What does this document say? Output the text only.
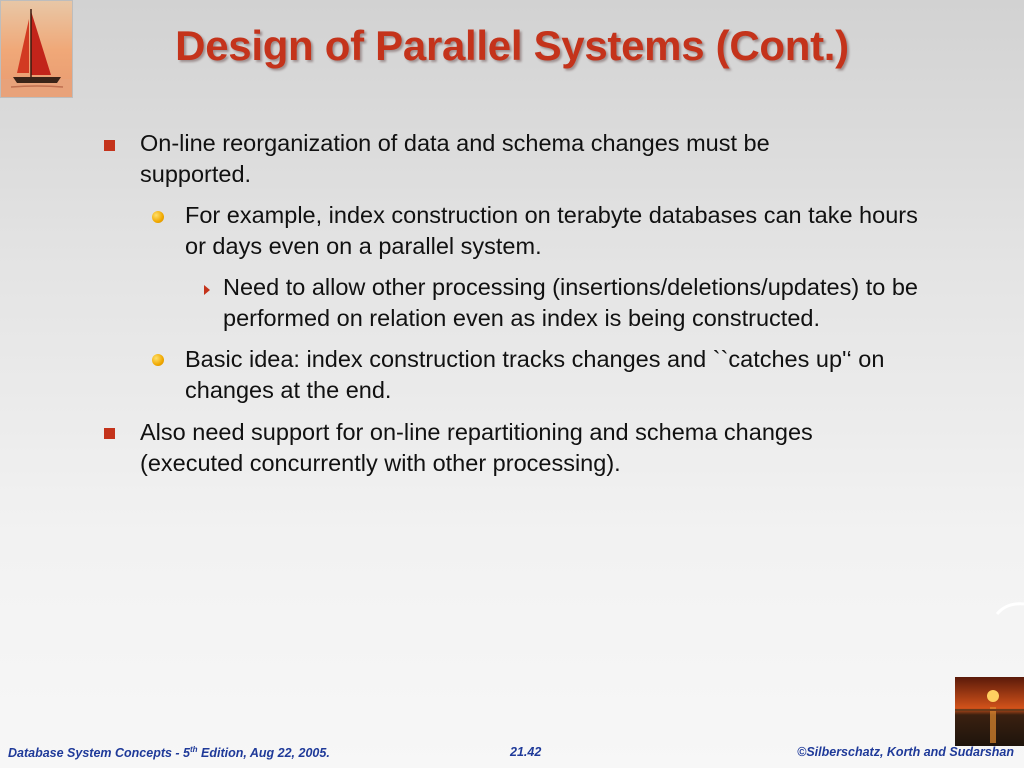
Design of Parallel Systems (Cont.)
On-line reorganization of data and schema changes must be supported.
For example, index construction on terabyte databases can take hours or days even on a parallel system.
Need to allow other processing (insertions/deletions/updates) to be performed on relation even as index is being constructed.
Basic idea: index construction tracks changes and ``catches up'‘ on changes at the end.
Also need support for on-line repartitioning and schema changes (executed concurrently with other processing).
Database System Concepts - 5th Edition, Aug 22, 2005.	21.42	©Silberschatz, Korth and Sudarshan
